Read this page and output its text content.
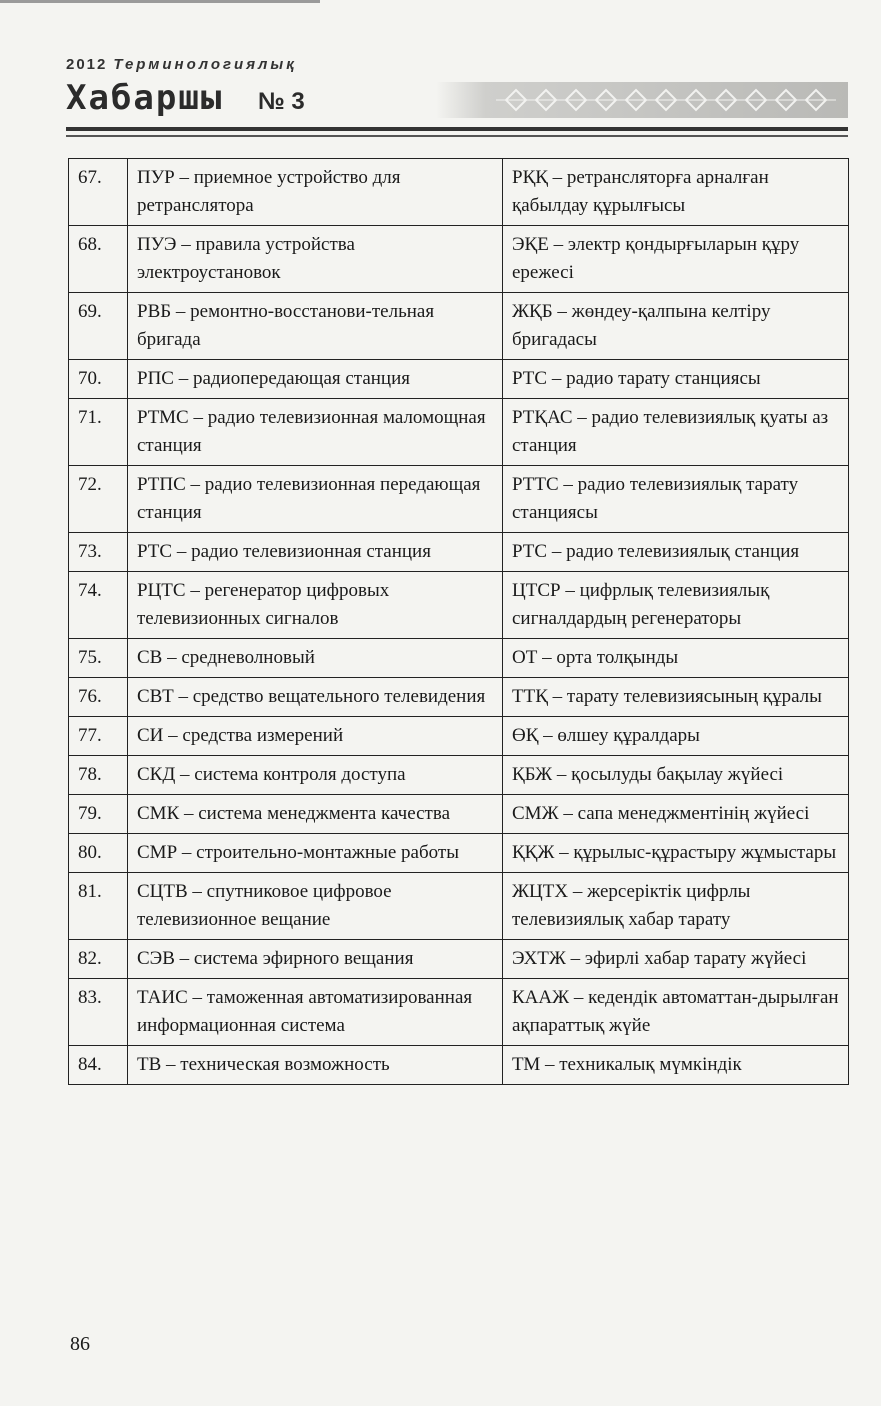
2012 Терминологиялық
Хабаршы № 3
67.	ПУР – приемное устройство для ретранслятора	РҚҚ – ретрансляторға арналған қабылдау құрылғысы
68.	ПУЭ – правила устройства электроустановок	ЭҚЕ – электр қондырғыларын құру ережесі
69.	РВБ – ремонтно-восстанови-тельная бригада	ЖҚБ – жөндеу-қалпына келтіру бригадасы
70.	РПС – радиопередающая станция	РТС – радио тарату станциясы
71.	РТМС – радио телевизионная маломощная станция	РТҚАС – радио телевизиялық қуаты аз станция
72.	РТПС – радио телевизионная передающая станция	РТТС – радио телевизиялық тарату станциясы
73.	РТС – радио телевизионная станция	РТС – радио телевизиялық станция
74.	РЦТС – регенератор цифровых телевизионных сигналов	ЦТСР – цифрлық телевизиялық сигналдардың регенераторы
75.	СВ – средневолновый	ОТ – орта толқынды
76.	СВТ – средство вещательного телевидения	ТТҚ – тарату телевизиясының құралы
77.	СИ – средства измерений	ӨҚ – өлшеу құралдары
78.	СКД – система контроля доступа	ҚБЖ – қосылуды бақылау жүйесі
79.	СМК – система менеджмента качества	СМЖ – сапа менеджментінің жүйесі
80.	СМР – строительно-монтажные работы	ҚҚЖ – құрылыс-құрастыру жұмыстары
81.	СЦТВ – спутниковое цифровое телевизионное вещание	ЖЦТХ – жерсеріктік цифрлы телевизиялық хабар тарату
82.	СЭВ – система эфирного вещания	ЭХТЖ – эфирлі хабар тарату жүйесі
83.	ТАИС – таможенная автоматизированная информационная система	КААЖ – кедендік автоматтан-дырылған ақпараттық жүйе
84.	ТВ – техническая возможность	ТМ – техникалық мүмкіндік
86
